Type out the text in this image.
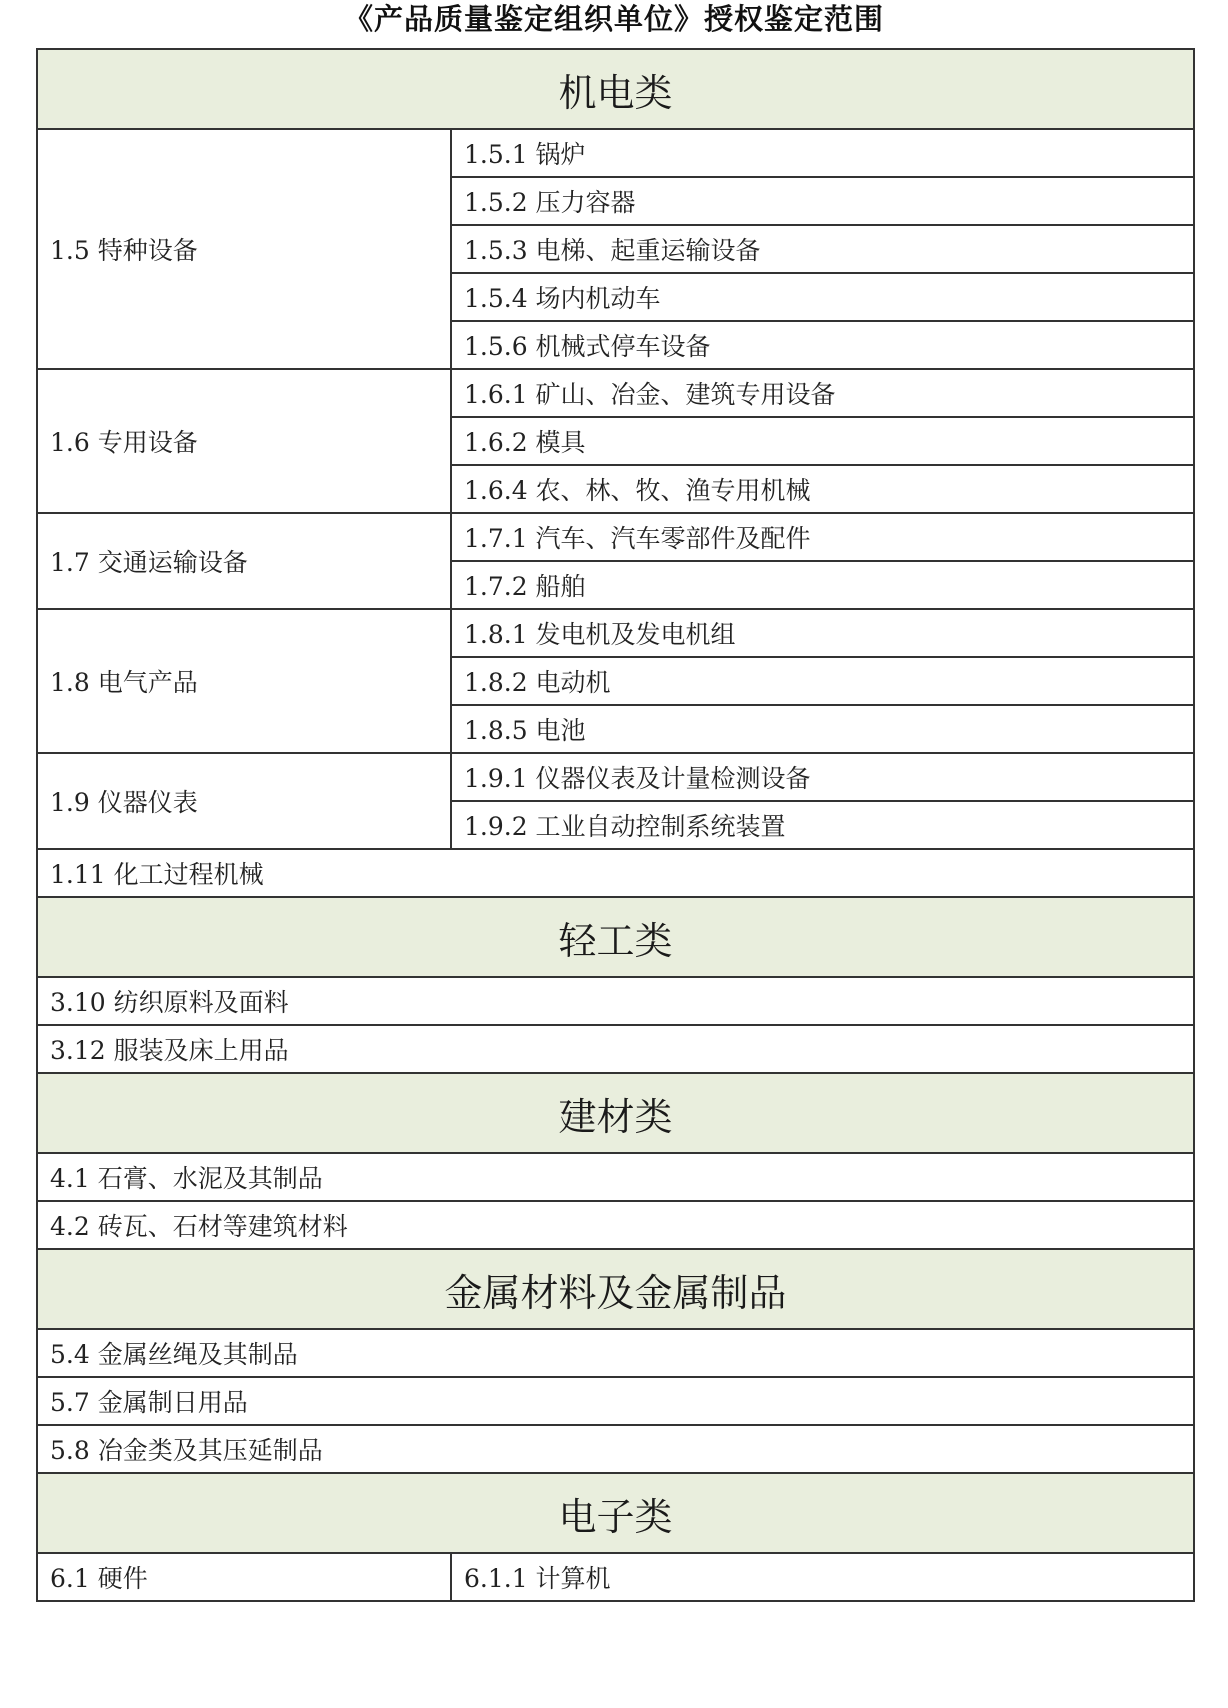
《产品质量鉴定组织单位》授权鉴定范围
机电类	
1.5 特种设备	1.5.1 锅炉
	1.5.2 压力容器
	1.5.3 电梯、起重运输设备
	1.5.4 场内机动车
	1.5.6 机械式停车设备
1.6 专用设备	1.6.1 矿山、冶金、建筑专用设备
	1.6.2 模具
	1.6.4 农、林、牧、渔专用机械
1.7 交通运输设备	1.7.1 汽车、汽车零部件及配件
	1.7.2 船舶
1.8 电气产品	1.8.1 发电机及发电机组
	1.8.2 电动机
	1.8.5 电池
1.9 仪器仪表	1.9.1 仪器仪表及计量检测设备
	1.9.2 工业自动控制系统装置
1.11 化工过程机械	
轻工类	
3.10 纺织原料及面料	
3.12 服装及床上用品	
建材类	
4.1 石膏、水泥及其制品	
4.2 砖瓦、石材等建筑材料	
金属材料及金属制品	
5.4 金属丝绳及其制品	
5.7 金属制日用品	
5.8 冶金类及其压延制品	
电子类	
6.1 硬件	6.1.1 计算机
